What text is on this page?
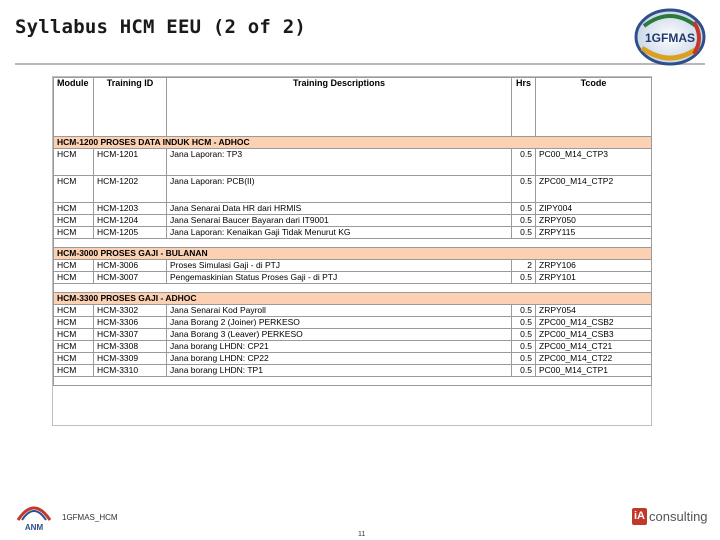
Syllabus HCM EEU (2 of 2)	1GFMAS
Module	Training ID	Training Descriptions	Hrs	Tcode
HCM-1200 PROSES DATA INDUK HCM - ADHOC				
HCM	HCM-1201	Jana Laporan: TP3	0.5	PC00_M14_CTP3
HCM	HCM-1202	Jana Laporan: PCB(II)	0.5	ZPC00_M14_CTP2
HCM	HCM-1203	Jana Senarai Data HR dari HRMIS	0.5	ZIPY004
HCM	HCM-1204	Jana Senarai Baucer Bayaran dari IT9001	0.5	ZRPY050
HCM	HCM-1205	Jana Laporan: Kenaikan Gaji Tidak Menurut KG	0.5	ZRPY115

HCM-3000 PROSES GAJI - BULANAN				
HCM	HCM-3006	Proses Simulasi Gaji - di PTJ	2	ZRPY106
HCM	HCM-3007	Pengemaskinian Status Proses Gaji - di PTJ	0.5	ZRPY101

HCM-3300 PROSES GAJI - ADHOC				
HCM	HCM-3302	Jana Senarai Kod Payroll	0.5	ZRPY054
HCM	HCM-3306	Jana Borang 2 (Joiner) PERKESO	0.5	ZPC00_M14_CSB2
HCM	HCM-3307	Jana Borang 3 (Leaver) PERKESO	0.5	ZPC00_M14_CSB3
HCM	HCM-3308	Jana borang LHDN: CP21	0.5	ZPC00_M14_CT21
HCM	HCM-3309	Jana borang LHDN: CP22	0.5	ZPC00_M14_CT22
HCM	HCM-3310	Jana borang LHDN: TP1	0.5	PC00_M14_CTP1

ANM
1GFMAS_HCM
11
iA consulting
